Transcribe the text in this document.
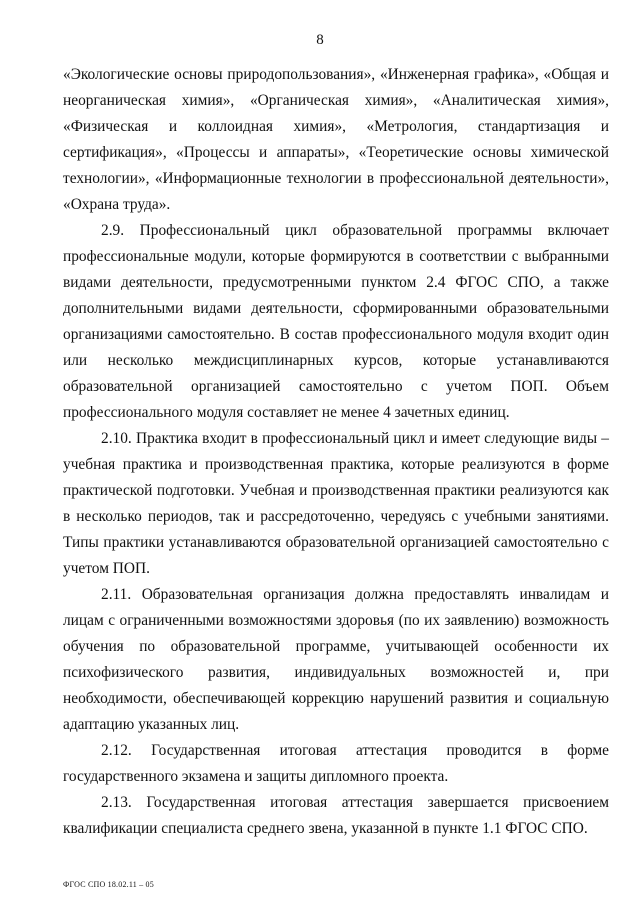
8

«Экологические основы природопользования», «Инженерная графика», «Общая и неорганическая химия», «Органическая химия», «Аналитическая химия», «Физическая и коллоидная химия», «Метрология, стандартизация и сертификация», «Процессы и аппараты», «Теоретические основы химической технологии», «Информационные технологии в профессиональной деятельности», «Охрана труда».

2.9. Профессиональный цикл образовательной программы включает профессиональные модули, которые формируются в соответствии с выбранными видами деятельности, предусмотренными пунктом 2.4 ФГОС СПО, а также дополнительными видами деятельности, сформированными образовательными организациями самостоятельно. В состав профессионального модуля входит один или несколько междисциплинарных курсов, которые устанавливаются образовательной организацией самостоятельно с учетом ПОП. Объем профессионального модуля составляет не менее 4 зачетных единиц.

2.10. Практика входит в профессиональный цикл и имеет следующие виды – учебная практика и производственная практика, которые реализуются в форме практической подготовки. Учебная и производственная практики реализуются как в несколько периодов, так и рассредоточенно, чередуясь с учебными занятиями. Типы практики устанавливаются образовательной организацией самостоятельно с учетом ПОП.

2.11. Образовательная организация должна предоставлять инвалидам и лицам с ограниченными возможностями здоровья (по их заявлению) возможность обучения по образовательной программе, учитывающей особенности их психофизического развития, индивидуальных возможностей и, при необходимости, обеспечивающей коррекцию нарушений развития и социальную адаптацию указанных лиц.

2.12. Государственная итоговая аттестация проводится в форме государственного экзамена и защиты дипломного проекта.

2.13. Государственная итоговая аттестация завершается присвоением квалификации специалиста среднего звена, указанной в пункте 1.1 ФГОС СПО.

ФГОС СПО 18.02.11 – 05
